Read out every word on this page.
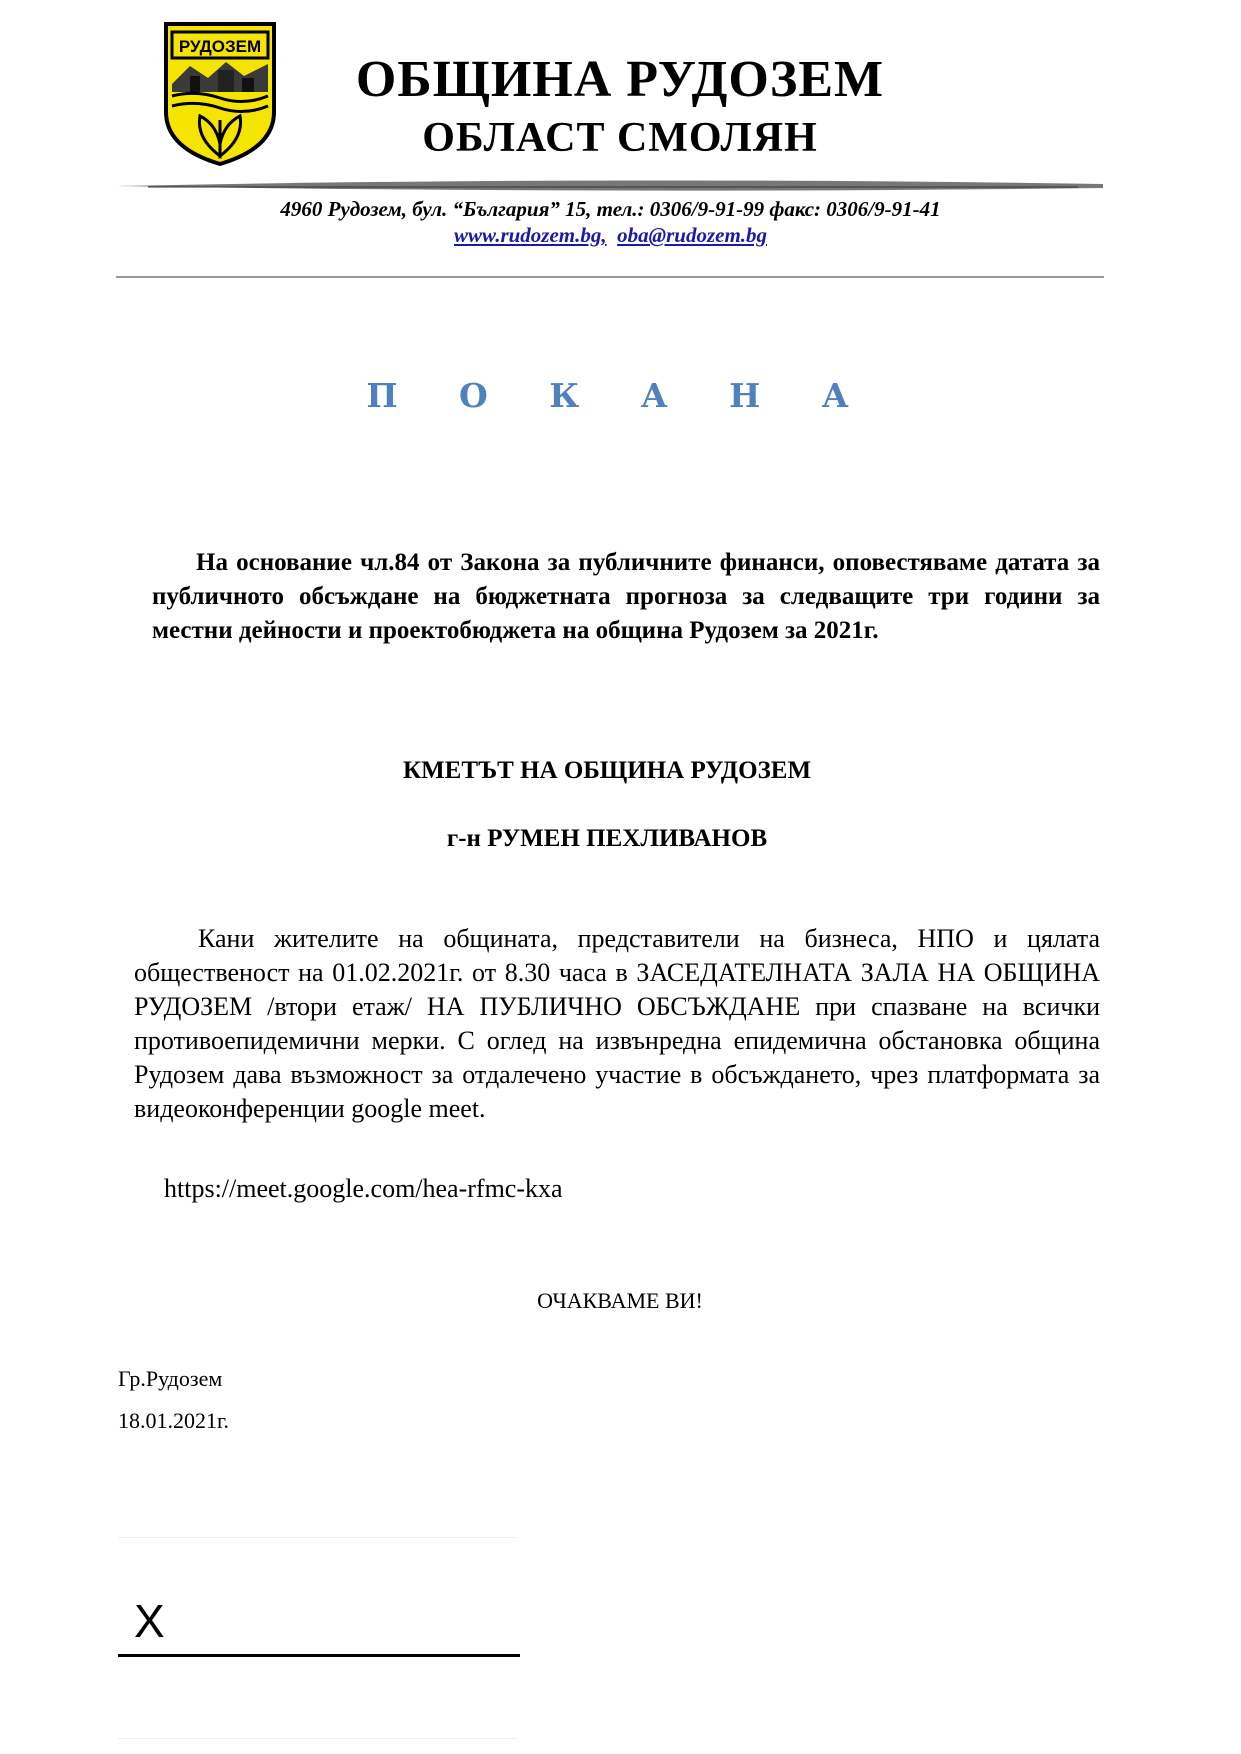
РУДОЗЕМ
ОБЩИНА РУДОЗЕМ
ОБЛАСТ СМОЛЯН
4960 Рудозем, бул. “България” 15, тел.: 0306/9-91-99 факс: 0306/9-91-41
www.rudozem.bg, oba@rudozem.bg
П О К А Н А
На основание чл.84 от Закона за публичните финанси, оповестяваме датата за публичното обсъждане на бюджетната прогноза за следващите три години за местни дейности и проектобюджета на община Рудозем за 2021г.
КМЕТЪТ НА ОБЩИНА РУДОЗЕМ
г-н РУМЕН ПЕХЛИВАНОВ
Кани жителите на общината, представители на бизнеса, НПО и цялата общественост на 01.02.2021г. от 8.30 часа в ЗАСЕДАТЕЛНАТА ЗАЛА НА ОБЩИНА РУДОЗЕМ /втори етаж/ НА ПУБЛИЧНО ОБСЪЖДАНЕ при спазване на всички противоепидемични мерки. С оглед на извънредна епидемична обстановка община Рудозем дава възможност за отдалечено участие в обсъждането, чрез платформата за видеоконференции google meet.
https://meet.google.com/hea-rfmc-kxa
ОЧАКВАМЕ ВИ!
Гр.Рудозем
18.01.2021г.
X
